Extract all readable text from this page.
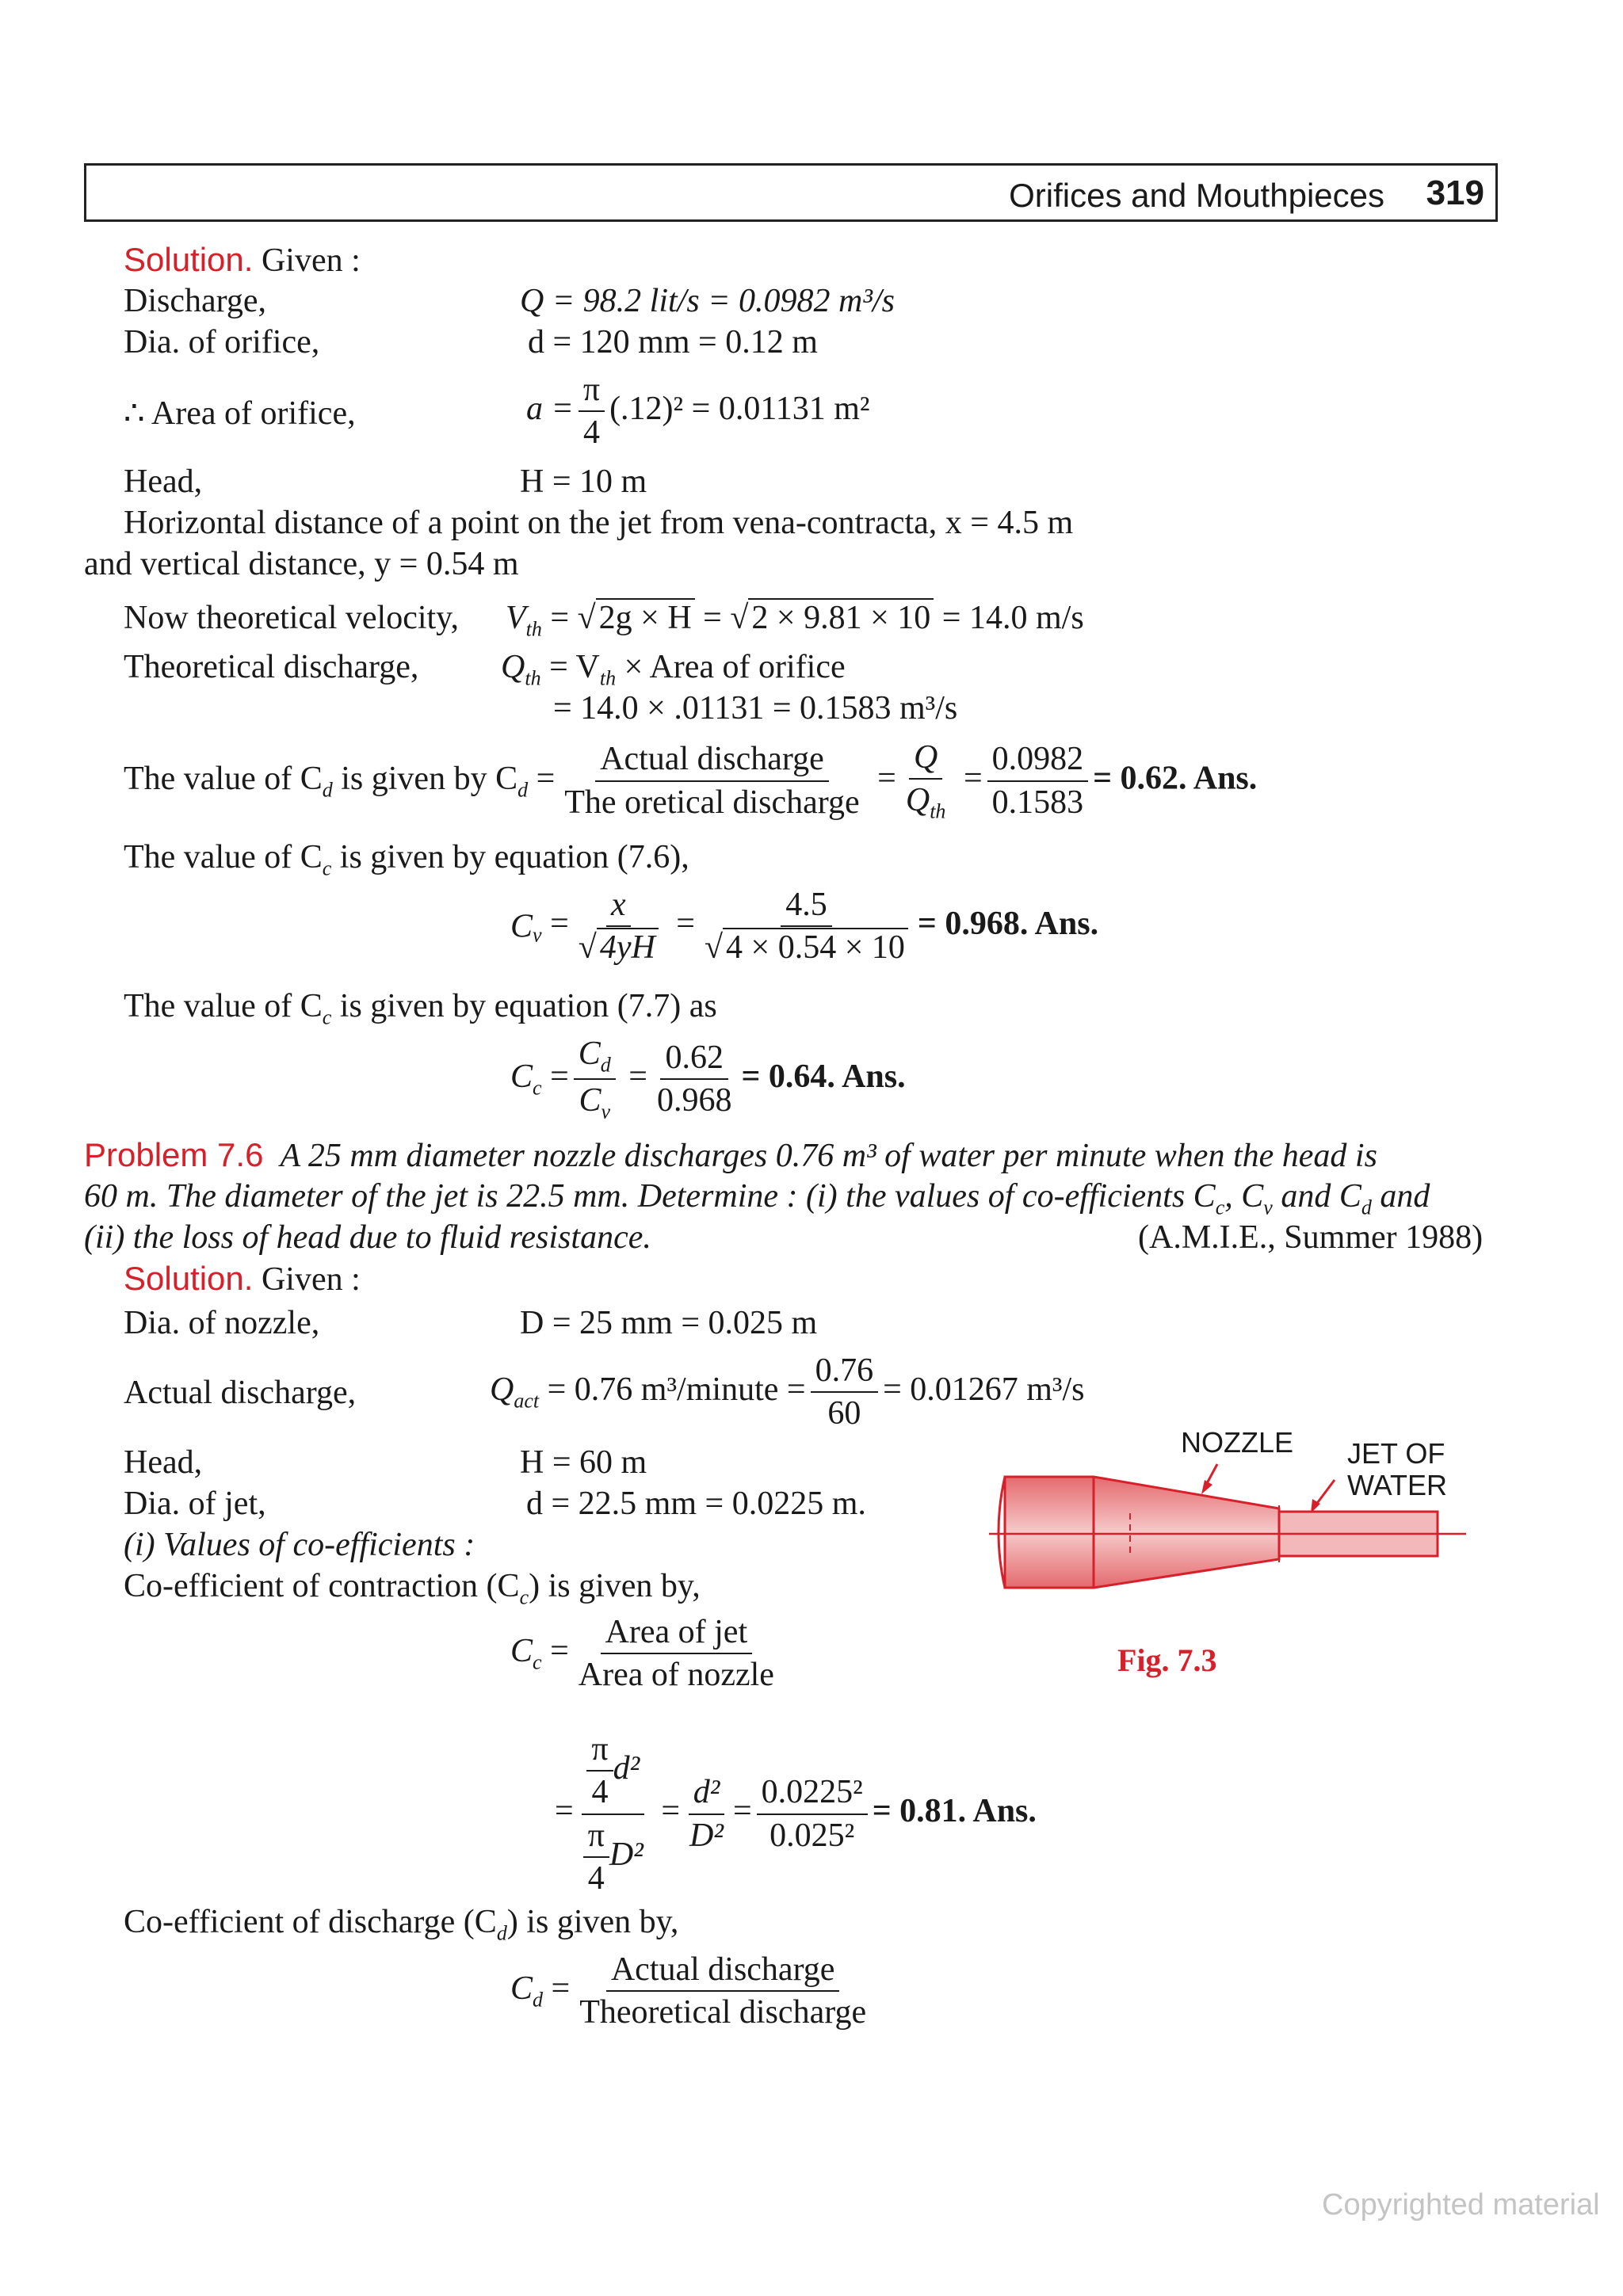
Orifices and Mouthpieces 319
Solution. Given :
Discharge,	Q = 98.2 lit/s = 0.0982 m³/s
Dia. of orifice,	d = 120 mm = 0.12 m
∴ Area of orifice,	$a = \frac{\pi}{4} (.12)^2 = 0.01131$ m²
Head,	H = 10 m
Horizontal distance of a point on the jet from vena-contracta, x = 4.5 m
and vertical distance, y = 0.54 m
Now theoretical velocity, $V_{th} = √2g \times H = √2 \times 9.81 \times 10 = 14.0$ m/s
Theoretical discharge, $Q_{th} = V_{th}$ × Area of orifice
= 14.0 × .01131 = 0.1583 m³/s
The value of $C_d$ is given by $C_d = \frac{\text{Actual discharge}}{\text{The oretical discharge}} = \frac{Q}{Q_{th}} = \frac{0.0982}{0.1583} = 0.62$. Ans.
The value of $C_c$ is given by equation (7.6),
$C_v = \frac{x}{√4yH} = \frac{4.5}{√4 \times 0.54 \times 10} = 0.968$. Ans.
The value of $C_c$ is given by equation (7.7) as
$C_c = \frac{C_d}{C_v} = \frac{0.62}{0.968} = 0.64$. Ans.
Problem 7.6 A 25 mm diameter nozzle discharges 0.76 m³ of water per minute when the head is
60 m. The diameter of the jet is 22.5 mm. Determine : (i) the values of co-efficients $C_c$, $C_v$ and $C_d$ and
(ii) the loss of head due to fluid resistance.	(A.M.I.E., Summer 1988)
Solution. Given :
Dia. of nozzle,	D = 25 mm = 0.025 m
Actual discharge,	$Q_{act} = 0.76$ m³/minute = $\frac{0.76}{60} = 0.01267$ m³/s
Head,	H = 60 m
Dia. of jet,	d = 22.5 mm = 0.0225 m.
(i) Values of co-efficients :
Co-efficient of contraction $(C_c)$ is given by,
$C_c = \frac{\text{Area of jet}}{\text{Area of nozzle}}$
= $\frac{\frac{\pi}{4} d^2}{\frac{\pi}{4} D^2} = \frac{\text{d²}}{\text{D²}} = \frac{\text{0.0225²}}{\text{0.025²}} = 0.81$. Ans.
Co-efficient of discharge $(C_d)$ is given by,
$C_d = \frac{\text{Actual discharge}}{\text{Theoretical discharge}}$
NOZZLE JET OF
WATER
Fig. 7.3
Copyrighted material
